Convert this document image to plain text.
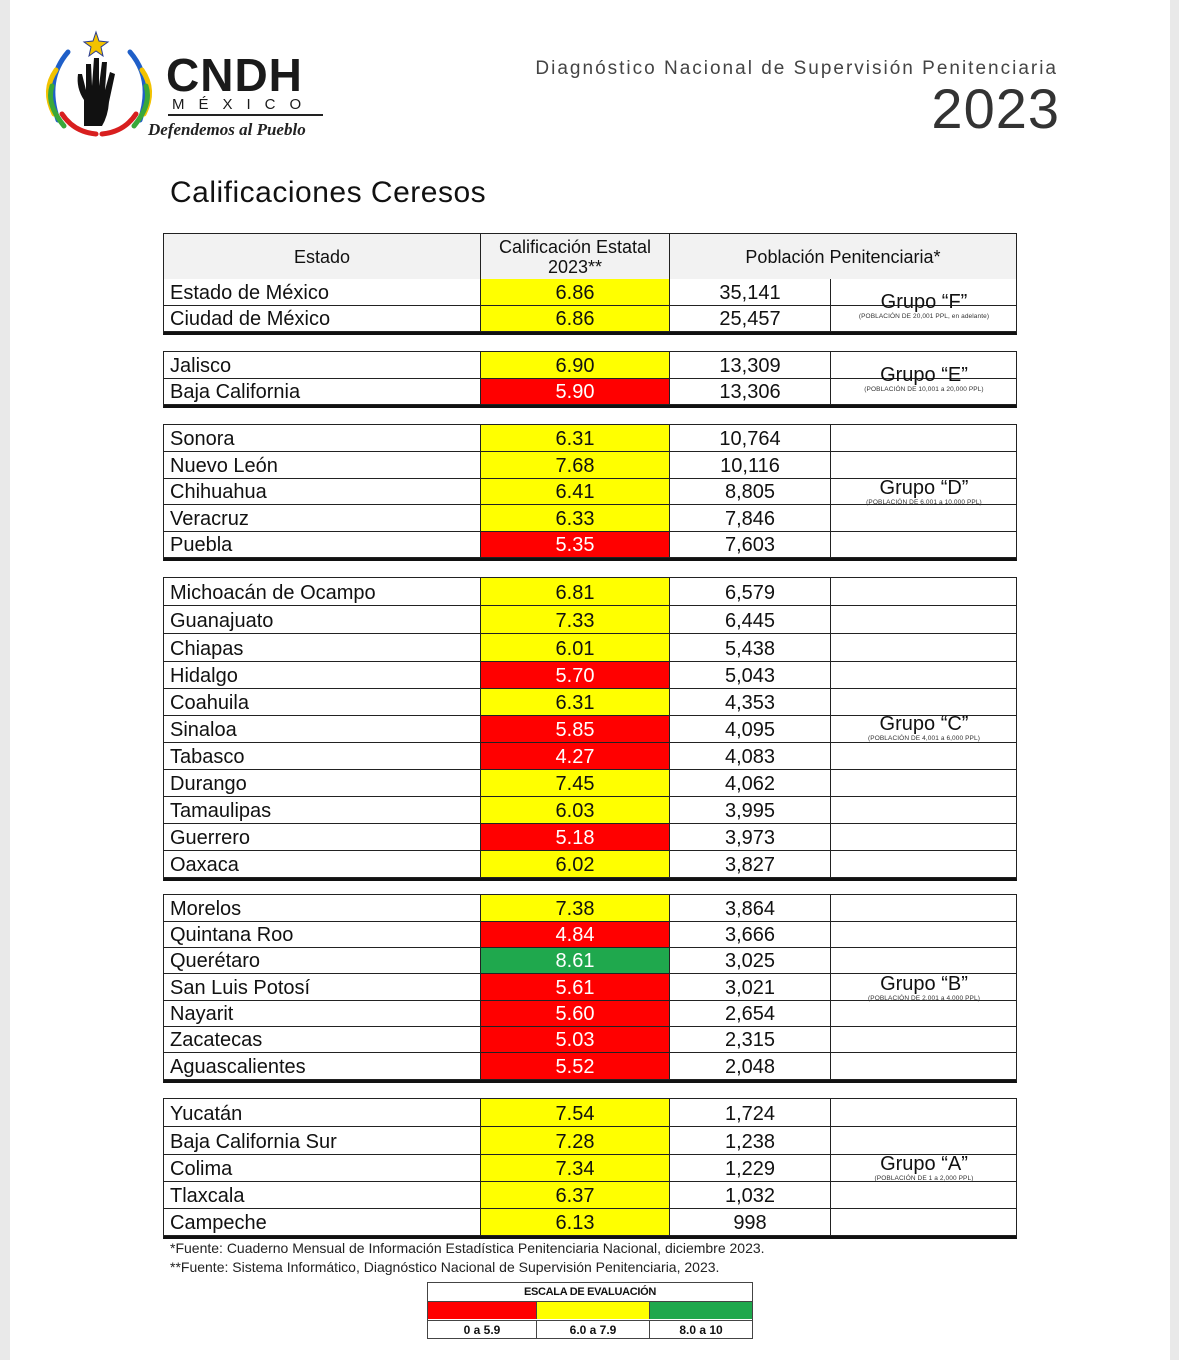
CNDH
MÉXICO
Defendemos al Pueblo
Diagnóstico Nacional de Supervisión Penitenciaria
2023
Calificaciones Ceresos
Estado	Calificación Estatal 2023**	Población Penitenciaria*
Estado de México	6.86	35,141
Ciudad de México	6.86	25,457
Grupo “F”
(POBLACIÓN DE 20,001 PPL, en adelante)
Jalisco	6.90	13,309
Baja California	5.90	13,306
Grupo “E”
(POBLACIÓN DE 10,001 a 20,000 PPL)
Sonora	6.31	10,764
Nuevo León	7.68	10,116
Chihuahua	6.41	8,805
Veracruz	6.33	7,846
Puebla	5.35	7,603
Grupo “D”
(POBLACIÓN DE 6,001 a 10,000 PPL)
Michoacán de Ocampo	6.81	6,579
Guanajuato	7.33	6,445
Chiapas	6.01	5,438
Hidalgo	5.70	5,043
Coahuila	6.31	4,353
Sinaloa	5.85	4,095
Tabasco	4.27	4,083
Durango	7.45	4,062
Tamaulipas	6.03	3,995
Guerrero	5.18	3,973
Oaxaca	6.02	3,827
Grupo “C”
(POBLACIÓN DE 4,001 a 6,000 PPL)
Morelos	7.38	3,864
Quintana Roo	4.84	3,666
Querétaro	8.61	3,025
San Luis Potosí	5.61	3,021
Nayarit	5.60	2,654
Zacatecas	5.03	2,315
Aguascalientes	5.52	2,048
Grupo “B”
(POBLACIÓN DE 2,001 a 4,000 PPL)
Yucatán	7.54	1,724
Baja California Sur	7.28	1,238
Colima	7.34	1,229
Tlaxcala	6.37	1,032
Campeche	6.13	998
Grupo “A”
(POBLACIÓN DE 1 a 2,000 PPL)
*Fuente: Cuaderno Mensual de Información Estadística Penitenciaria Nacional, diciembre 2023.
**Fuente: Sistema Informático, Diagnóstico Nacional de Supervisión Penitenciaria, 2023.
ESCALA DE EVALUACIÓN
0 a 5.9	6.0 a 7.9	8.0 a 10
